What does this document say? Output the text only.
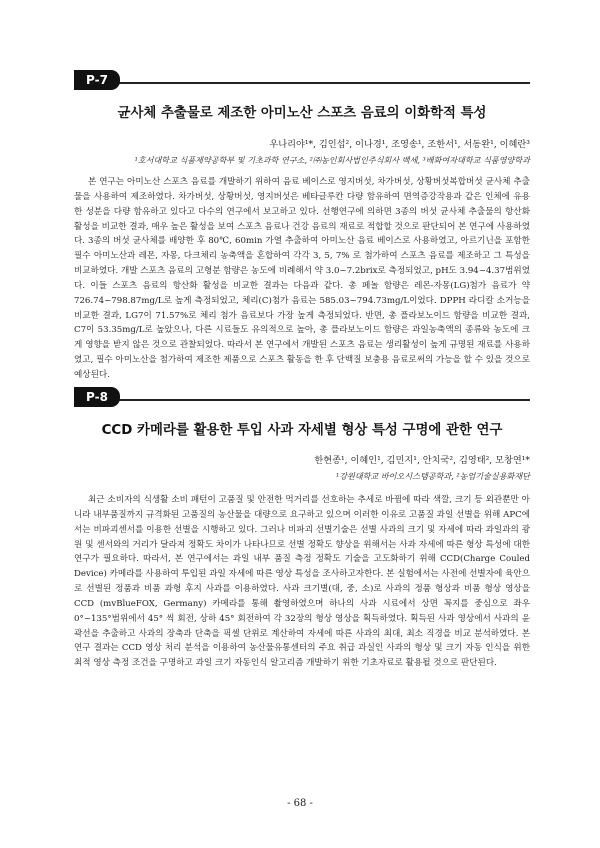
P-7
균사체 추출물로 제조한 아미노산 스포츠 음료의 이화학적 특성
우나리야¹*, 김인섭², 이나경¹, 조영송¹, 조한서¹, 서동완¹, 이혜란³
¹호서대학교 식품제약공학부 및 기초과학 연구소, ²㈜농인회사법인주식회사 백세, ³배화여자대학교 식품영양학과

본 연구는 아미노산 스포츠 음료를 개발하기 위하여 음료 베이스로 영지버섯, 차가버섯, 상황버섯복합버섯 균사체 추출물을 사용하여 제조하였다. 차가버섯, 상황버섯, 영지버섯은 베타글루칸 다량 함유하여 면역증강작용과 같은 인체에 유용한 성분을 다량 함유하고 있다고 다수의 연구에서 보고하고 있다. 선행연구에 의하면 3종의 버섯 균사체 추출물의 항산화 활성을 비교한 결과, 매우 높은 활성을 보여 스포츠 음료나 건강 음료의 재료로 적합할 것으로 판단되어 본 연구에 사용하였다. 3종의 버섯 균사체를 배양한 후 80℃, 60min 가열 추출하여 아미노산 음료 베이스로 사용하였고, 아르기닌을 포함한 필수 아미노산과 레몬, 자몽, 다크체리 농축액을 혼합하여 각각 3, 5, 7% 로 첨가하여 스포츠 음료를 제조하고 그 특성을 비교하였다. 개발 스포츠 음료의 고형분 함량은 농도에 비례해서 약 3.0~7.2brix로 측정되었고, pH도 3.94~4.37범위였다. 이들 스포츠 음료의 항산화 활성을 비교한 결과는 다음과 같다. 총 페놀 함량은 레몬-자몽(LG)첨가 음료가 약 726.74~798.87mg/L로 높게 측정되었고, 체리(C)첨가 음료는 585.03~794.73mg/L이었다. DPPH 라디칼 소거능을 비교한 결과, LG7이 71.57%로 체리 첨가 음료보다 가장 높게 측정되었다. 반면, 총 플라보노이드 함량을 비교한 결과, C7이 53.35mg/L로 높았으나, 다른 시료들도 유의적으로 높아, 총 플라보노이드 함량은 과일농축액의 종류와 농도에 크게 영향을 받지 않은 것으로 관찰되었다. 따라서 본 연구에서 개발된 스포츠 음료는 생리활성이 높게 규명된 재료를 사용하였고, 필수 아미노산을 첨가하여 제조한 제품으로 스포츠 활동을 한 후 단백질 보충용 음료로써의 가능을 할 수 있을 것으로 예상된다.

P-8
CCD 카메라를 활용한 투입 사과 자세별 형상 특성 구명에 관한 연구
한현종¹, 이혜인¹, 김민지¹, 안치국², 김영태², 모창연¹*
¹강원대학교 바이오시스템공학과, ²농업기술실용화재단

최근 소비자의 식생활 소비 패턴이 고품질 및 안전한 먹거리를 선호하는 추세로 바뀜에 따라 색깔, 크기 등 외관뿐만 아니라 내부품질까지 규격화된 고품질의 농산물을 대량으로 요구하고 있으며 이러한 이유로 고품질 과일 선별을 위해 APC에서는 비파괴센서를 이용한 선별을 시행하고 있다. 그러나 비파괴 선별기술은 선별 사과의 크기 및 자세에 따라 과일과의 광원 및 센서와의 거리가 달라져 정확도 차이가 나타나므로 선별 정확도 향상을 위해서는 사과 자세에 따른 형상 특성에 대한 연구가 필요하다. 따라서, 본 연구에서는 과일 내부 품질 측정 정확도 기술을 고도화하기 위해 CCD(Charge Couled Device) 카메라를 사용하여 투입된 과일 자세에 따른 영상 특성을 조사하고자한다. 본 실험에서는 사전에 선별자에 육안으로 선별된 정품과 비품 과형 후지 사과를 이용하였다. 사과 크기별(대, 중, 소)로 사과의 정품 형상과 비품 형상 영상을 CCD (mvBlueFOX, Germany) 카메라를 통해 촬영하였으며 하나의 사과 시료에서 상면 꼭지를 중심으로 좌우 0°~135°범위에서 45° 씩 회전, 상하 45° 회전하여 각 32장의 형상 영상을 획득하였다. 획득된 사과 영상에서 사과의 윤곽선을 추출하고 사과의 장축과 단축을 픽셀 단위로 계산하여 자세에 따른 사과의 최대, 최소 직경을 비교 분석하였다. 본 연구 결과는 CCD 영상 처리 분석을 이용하여 농산물유통센터의 주요 취급 과실인 사과의 형상 및 크기 자동 인식을 위한 최적 영상 측정 조건을 구명하고 과일 크기 자동인식 알고리즘 개발하기 위한 기초자료로 활용될 것으로 판단된다.

- 68 -
